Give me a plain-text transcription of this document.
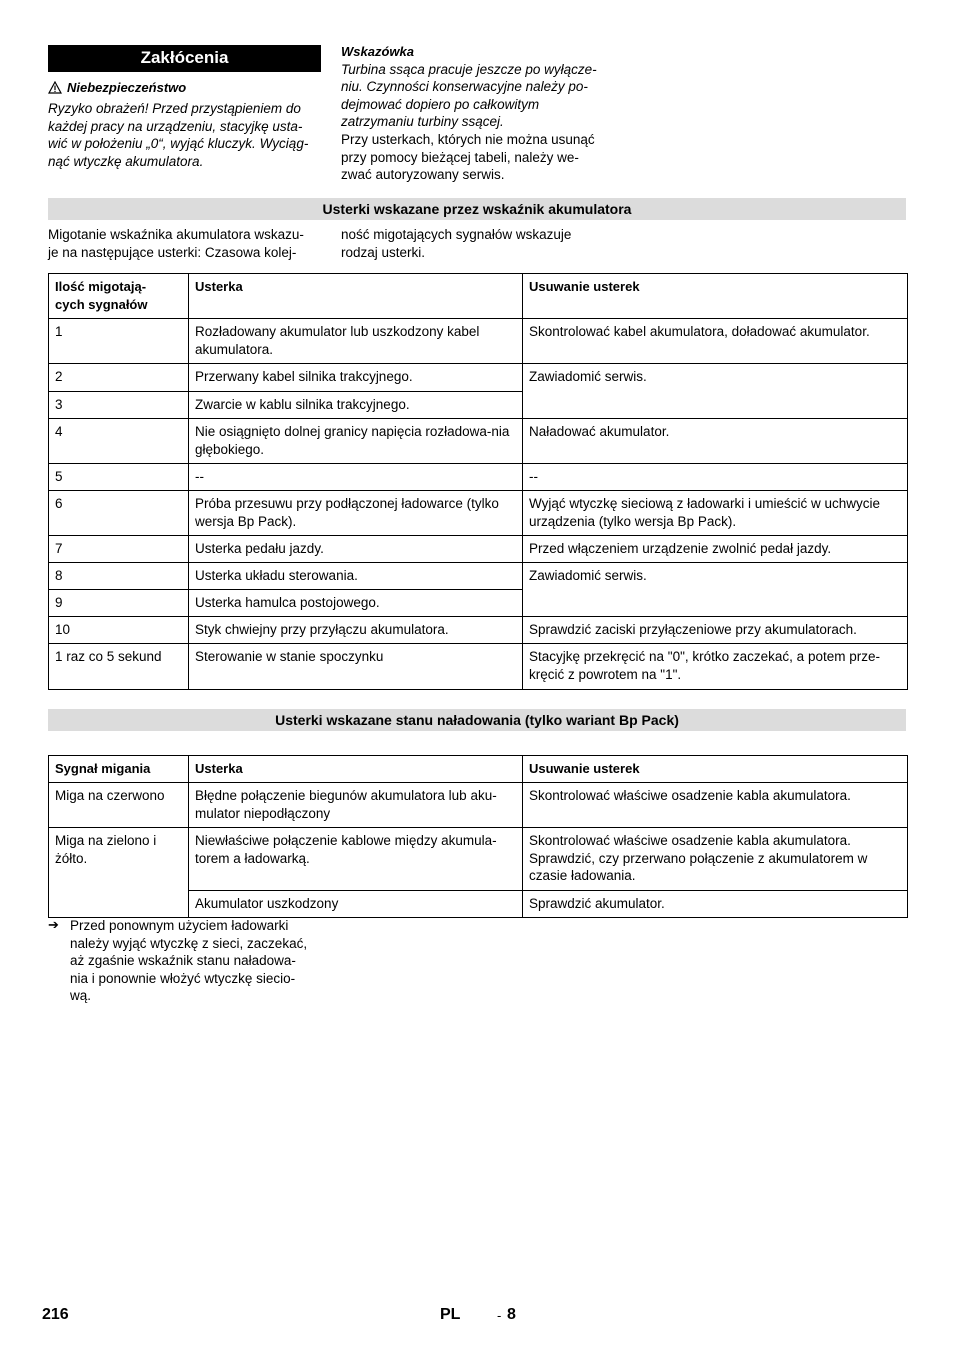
Zakłócenia
Niebezpieczeństwo
Ryzyko obrażeń! Przed przystąpieniem do
każdej pracy na urządzeniu, stacyjkę usta-
wić w położeniu „0“, wyjąć kluczyk. Wyciąg-
nąć wtyczkę akumulatora.
Wskazówka
Turbina ssąca pracuje jeszcze po wyłącze-
niu. Czynności konserwacyjne należy po-
dejmować dopiero po całkowitym
zatrzymaniu turbiny ssącej.
Przy usterkach, których nie można usunąć
przy pomocy bieżącej tabeli, należy we-
zwać autoryzowany serwis.
Usterki wskazane przez wskaźnik akumulatora
Migotanie wskaźnika akumulatora wskazu-
je na następujące usterki: Czasowa kolej-
ność migotających sygnałów wskazuje
rodzaj usterki.
Ilość migotają-
cych sygnałów	Usterka	Usuwanie usterek
1	Rozładowany akumulator lub uszkodzony kabel akumulatora.	Skontrolować kabel akumulatora, doładować akumulator.
2	Przerwany kabel silnika trakcyjnego.	Zawiadomić serwis.
3	Zwarcie w kablu silnika trakcyjnego.	
4	Nie osiągnięto dolnej granicy napięcia rozładowa-nia głębokiego.	Naładować akumulator.
5	--	--
6	Próba przesuwu przy podłączonej ładowarce (tylko wersja Bp Pack).	Wyjąć wtyczkę sieciową z ładowarki i umieścić w uchwycie urządzenia (tylko wersja Bp Pack).
7	Usterka pedału jazdy.	Przed włączeniem urządzenie zwolnić pedał jazdy.
8	Usterka układu sterowania.	Zawiadomić serwis.
9	Usterka hamulca postojowego.	
10	Styk chwiejny przy przyłączu akumulatora.	Sprawdzić zaciski przyłączeniowe przy akumulatorach.
1 raz co 5 sekund	Sterowanie w stanie spoczynku	Stacyjkę przekręcić na "0", krótko zaczekać, a potem prze-kręcić z powrotem na "1".
Usterki wskazane stanu naładowania (tylko wariant Bp Pack)
Sygnał migania	Usterka	Usuwanie usterek
Miga na czerwono	Błędne połączenie biegunów akumulatora lub aku-mulator niepodłączony	Skontrolować właściwe osadzenie kabla akumulatora.
Miga na zielono i żółto.	Niewłaściwe połączenie kablowe między akumula-torem a ładowarką.	Skontrolować właściwe osadzenie kabla akumulatora. Sprawdzić, czy przerwano połączenie z akumulatorem w czasie ładowania.
	Akumulator uszkodzony	Sprawdzić akumulator.
➔ Przed ponownym użyciem ładowarki
należy wyjąć wtyczkę z sieci, zaczekać,
aż zgaśnie wskaźnik stanu naładowa-
nia i ponownie włożyć wtyczkę siecio-
wą.
216	PL	- 8
